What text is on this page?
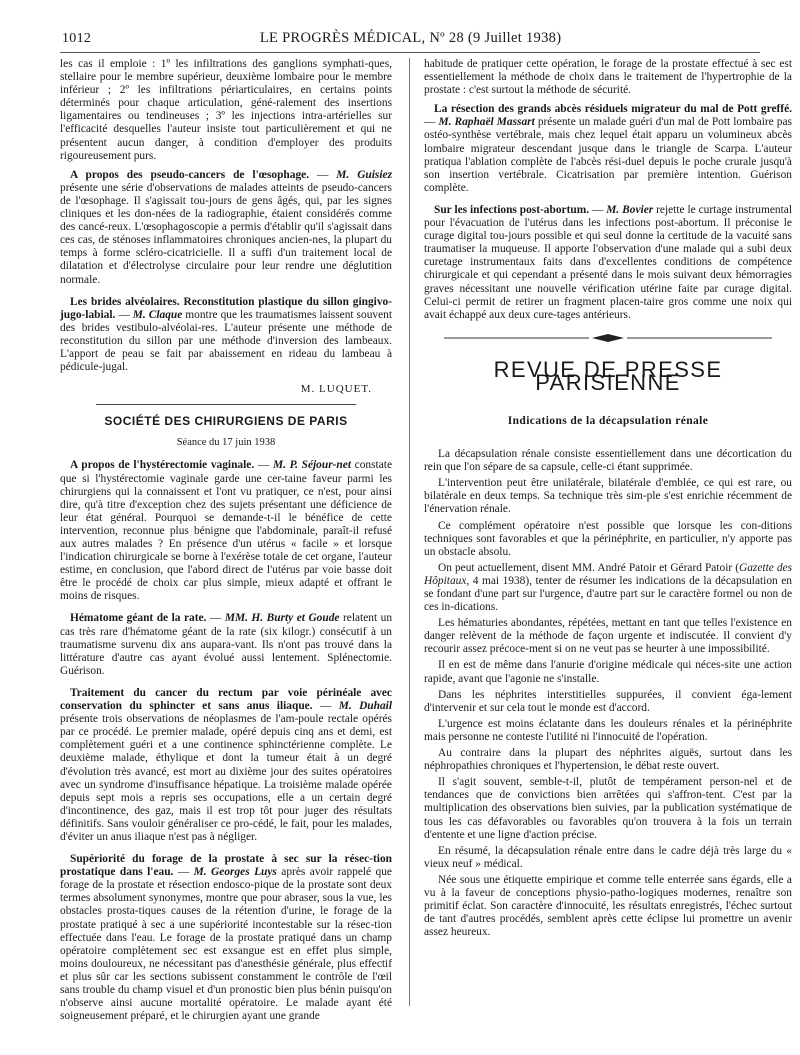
1012	LE PROGRÈS MÉDICAL, Nº 28 (9 Juillet 1938)

les cas il emploie : 1º les infiltrations des ganglions symphati-ques, stellaire pour le membre supérieur, deuxième lombaire pour le membre inférieur ; 2º les infiltrations périarticulaires, en certains points déterminés pour chaque articulation, géné-ralement des insertions ligamentaires ou tendineuses ; 3º les injections intra-artérielles sur l'efficacité desquelles l'auteur insiste tout particulièrement et qui ne présentent aucun danger, à condition d'employer des produits rigoureusement purs.

A propos des pseudo-cancers de l'œsophage. — M. Guisiez présente une série d'observations de malades atteints de pseudo-cancers de l'œsophage. Il s'agissait tou-jours de gens âgés, qui, par les signes cliniques et les don-nées de la radiographie, étaient considérés comme des cancé-reux. L'œsophagoscopie a permis d'établir qu'il s'agissait dans ces cas, de sténoses inflammatoires chroniques ancien-nes, la plupart du temps à forme scléro-cicatricielle. Il a suffi d'un traitement local de dilatation et d'électrolyse circulaire pour leur rendre une déglutition normale.

Les brides alvéolaires. Reconstitution plastique du sillon gingivo-jugo-labial. — M. Claque montre que les traumatismes laissent souvent des brides vestibulo-alvéolai-res. L'auteur présente une méthode de reconstitution du sillon par une méthode d'inversion des lambeaux. L'apport de peau se fait par abaissement en rideau du lambeau à pédicule-jugal.

M. LUQUET.
SOCIÉTÉ DES CHIRURGIENS DE PARIS
Séance du 17 juin 1938

A propos de l'hystérectomie vaginale. — M. P. Séjour-net constate que si l'hystérectomie vaginale garde une cer-taine faveur parmi les chirurgiens qui la connaissent et l'ont vu pratiquer, ce n'est, pour ainsi dire, qu'à titre d'exception chez des sujets présentant une déficience de leur état général. Pourquoi se demande-t-il le bénéfice de cette intervention, reconnue plus bénigne que l'abdominale, paraît-il refusé aux autres malades ? En présence d'un utérus « facile » et lorsque l'indication chirurgicale se borne à l'exérèse totale de cet organe, l'auteur estime, en conclusion, que l'abord direct de l'utérus par voie basse doit être le procédé de choix car plus simple, mieux adapté et offrant le moins de risques.

Hématome géant de la rate. — MM. H. Burty et Goude relatent un cas très rare d'hématome géant de la rate (six kilogr.) consécutif à un traumatisme survenu dix ans aupara-vant. Ils n'ont pas trouvé dans la littérature d'autre cas ayant évolué aussi lentement. Splénectomie. Guérison.

Traitement du cancer du rectum par voie périnéale avec conservation du sphincter et sans anus iliaque. — M. Duhail présente trois observations de néoplasmes de l'am-poule rectale opérés par ce procédé. Le premier malade, opéré depuis cinq ans et demi, est complètement guéri et a une continence sphinctérienne complète. Le deuxième malade, éthylique et dont la tumeur était à un degré d'évolution très avancé, est mort au dixième jour des suites opératoires avec un syndrome d'insuffisance hépatique. La troisième malade opérée depuis sept mois a repris ses occupations, elle a un certain degré d'incontinence, des gaz, mais il est trop tôt pour juger des résultats définitifs. Sans vouloir généraliser ce pro-cédé, le fait, pour les malades, d'éviter un anus iliaque n'est pas à négliger.

Supériorité du forage de la prostate à sec sur la résec-tion prostatique dans l'eau. — M. Georges Luys après avoir rappelé que forage de la prostate et résection endosco-pique de la prostate sont deux termes absolument synonymes, montre que pour abraser, sous la vue, les obstacles prosta-tiques causes de la rétention d'urine, le forage de la prostate pratiqué à sec a une supériorité incontestable sur la résec-tion effectuée dans l'eau. Le forage de la prostate pratiqué dans un champ opératoire complètement sec est exsangue est en effet plus simple, moins douloureux, ne nécessitant pas d'anesthésie générale, plus effectif et plus sûr car les sections subissent constamment le contrôle de l'œil sans trouble du champ visuel et d'un pronostic bien plus bénin puisqu'on n'observe ainsi aucune mortalité opératoire. Le malade ayant été soigneusement préparé, et le chirurgien ayant une grande

habitude de pratiquer cette opération, le forage de la prostate effectué à sec est essentiellement la méthode de choix dans le traitement de l'hypertrophie de la prostate : c'est surtout la méthode de sécurité.

La résection des grands abcès résiduels migrateur du mal de Pott greffé. — M. Raphaël Massart présente un malade guéri d'un mal de Pott lombaire pas ostéo-synthèse vertébrale, mais chez lequel était apparu un volumineux abcès lombaire migrateur descendant jusque dans le triangle de Scarpa. L'auteur pratiqua l'ablation complète de l'abcès rési-duel depuis le poche crurale jusqu'à son insertion vertébrale. Cicatrisation par première intention. Guérison complète.

Sur les infections post-abortum. — M. Bovier rejette le curtage instrumental pour l'évacuation de l'utérus dans les infections post-abortum. Il préconise le curage digital tou-jours possible et qui seul donne la certitude de la vacuité sans traumatiser la muqueuse. Il apporte l'observation d'une malade qui a subi deux curetage instrumentaux faits dans d'excellentes conditions de compétence chirurgicale et qui cependant a présenté dans le mois suivant deux hémorragies graves nécessitant une nouvelle vérification utérine faite par curage digital. Celui-ci permit de retirer un fragment placen-taire gros comme une noix qui avait échappé aux deux cure-tages antérieurs.

REVUE DE PRESSE PARISIENNE
Indications de la décapsulation rénale

La décapsulation rénale consiste essentiellement dans une décortication du rein que l'on sépare de sa capsule, celle-ci étant supprimée.

L'intervention peut être unilatérale, bilatérale d'emblée, ce qui est rare, ou bilatérale en deux temps. Sa technique très sim-ple s'est enrichie récemment de l'énervation rénale.

Ce complément opératoire n'est possible que lorsque les con-ditions techniques sont favorables et que la périnéphrite, en particulier, n'y apporte pas un obstacle absolu.

On peut actuellement, disent MM. André Patoir et Gérard Patoir (Gazette des Hôpitaux, 4 mai 1938), tenter de résumer les indications de la décapsulation en se fondant d'une part sur l'urgence, d'autre part sur le caractère formel ou non de ces in-dications.

Les hématuries abondantes, répétées, mettant en tant que telles l'existence en danger relèvent de la méthode de façon urgente et indiscutée. Il convient d'y recourir assez précoce-ment si on ne veut pas se heurter à une impossibilité.

Il en est de même dans l'anurie d'origine médicale qui néces-site une action rapide, avant que l'agonie ne s'installe.

Dans les néphrites interstitielles suppurées, il convient éga-lement d'intervenir et sur cela tout le monde est d'accord.

L'urgence est moins éclatante dans les douleurs rénales et la périnéphrite mais personne ne conteste l'utilité ni l'innocuité de l'opération.

Au contraire dans la plupart des néphrites aiguës, surtout dans les néphropathies chroniques et l'hypertension, le débat reste ouvert.

Il s'agit souvent, semble-t-il, plutôt de tempérament person-nel et de tendances que de convictions bien arrêtées qui s'affron-tent. C'est par la multiplication des observations bien suivies, par la publication systématique de tous les cas défavorables ou favorables qu'on trouvera à la fois un terrain d'entente et une ligne d'action précise.

En résumé, la décapsulation rénale entre dans le cadre déjà très large du « vieux neuf » médical.

Née sous une étiquette empirique et comme telle enterrée sans égards, elle a vu à la faveur de conceptions physio-patho-logiques modernes, renaître son primitif éclat. Son caractère d'innocuité, les résultats enregistrés, l'échec surtout de tant d'autres procédés, semblent après cette éclipse lui promettre un avenir assez heureux.
